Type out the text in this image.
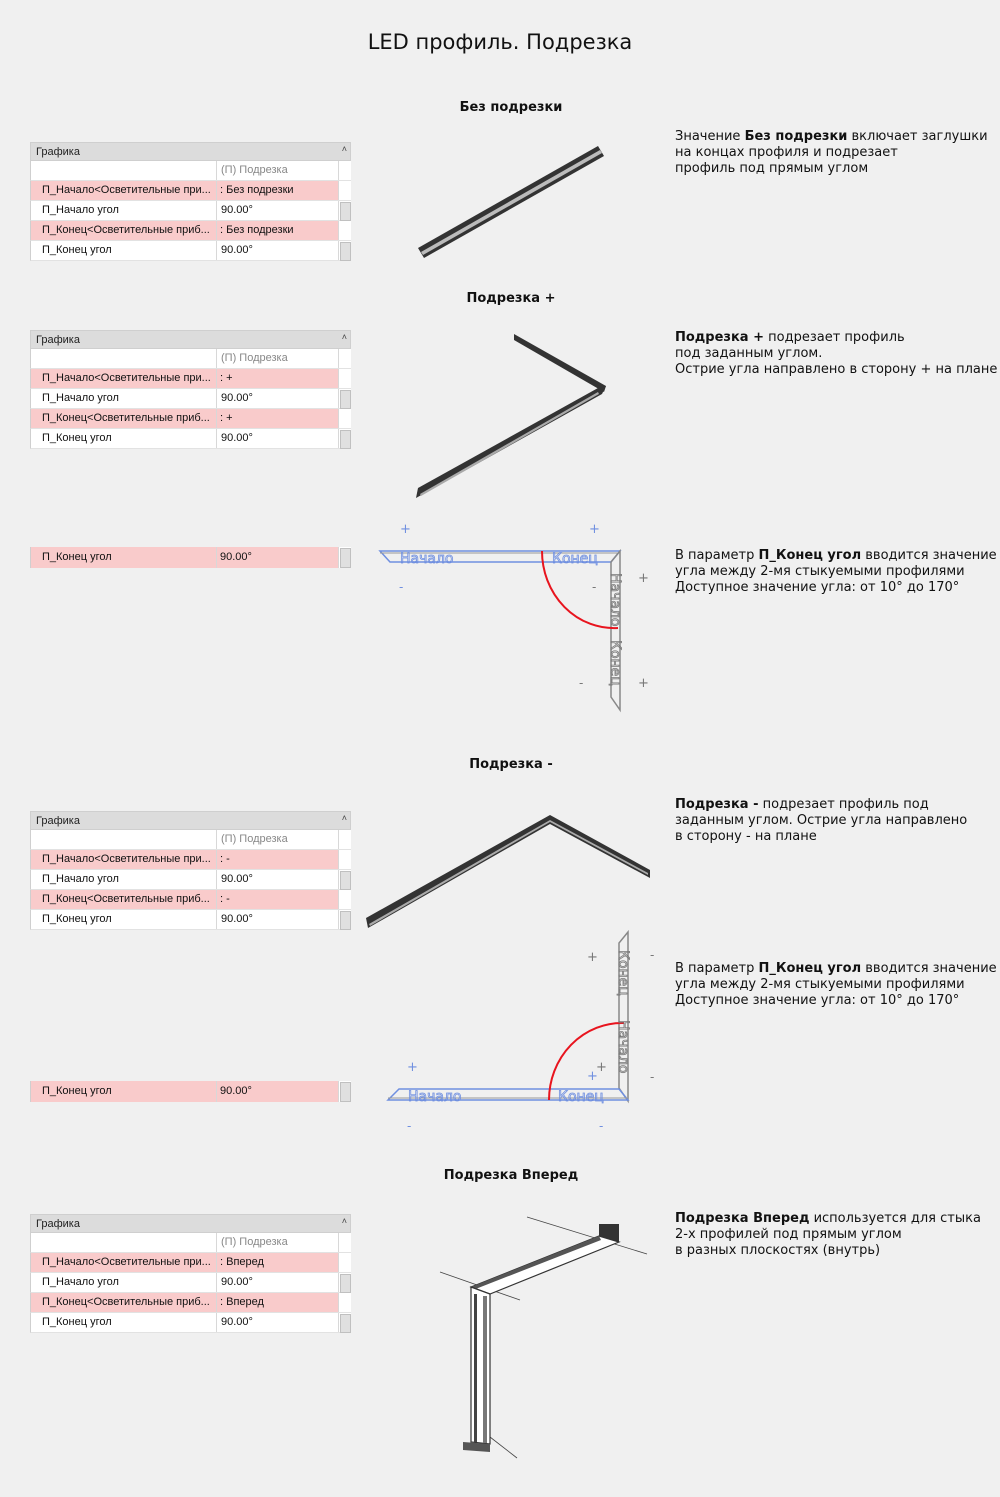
LED профиль. Подрезка
Без подрезки
Графика	˄
(П) Подрезка
П_Начало<Осветительные при... : Без подрезки
П_Начало угол	90.00°
П_Конец<Осветительные приб... : Без подрезки
П_Конец угол	90.00°
Значение Без подрезки включает заглушки
на концах профиля и подрезает
профиль под прямым углом
Подрезка +
Графика	˄
(П) Подрезка
П_Начало<Осветительные при... : +
П_Начало угол	90.00°
П_Конец<Осветительные приб... : +
П_Конец угол	90.00°
Подрезка + подрезает профиль
под заданным углом.
Острие угла направлено в сторону + на плане
П_Конец угол	90.00°	Начало	Конец
Начало
Конец
+	+
-
+
-
+
-
В параметр П_Конец угол вводится значение
угла между 2-мя стыкуемыми профилями
Доступное значение угла: от 10° до 170°
Подрезка -
Графика	˄
(П) Подрезка
П_Начало<Осветительные при... : -
П_Начало угол	90.00°
П_Конец<Осветительные приб... : -
П_Конец угол	90.00°
Подрезка - подрезает профиль под
заданным углом. Острие угла направлено
в сторону - на плане
Конец
Начало
Начало	Конец
+	-
+
-
+
+
-	-
В параметр П_Конец угол вводится значение
угла между 2-мя стыкуемыми профилями
Доступное значение угла: от 10° до 170°
П_Конец угол	90.00°
Подрезка Вперед
Графика	˄
(П) Подрезка
П_Начало<Осветительные при... : Вперед
П_Начало угол	90.00°
П_Конец<Осветительные приб... : Вперед
П_Конец угол	90.00°
Подрезка Вперед используется для стыка
2-х профилей под прямым углом
в разных плоскостях (внутрь)
